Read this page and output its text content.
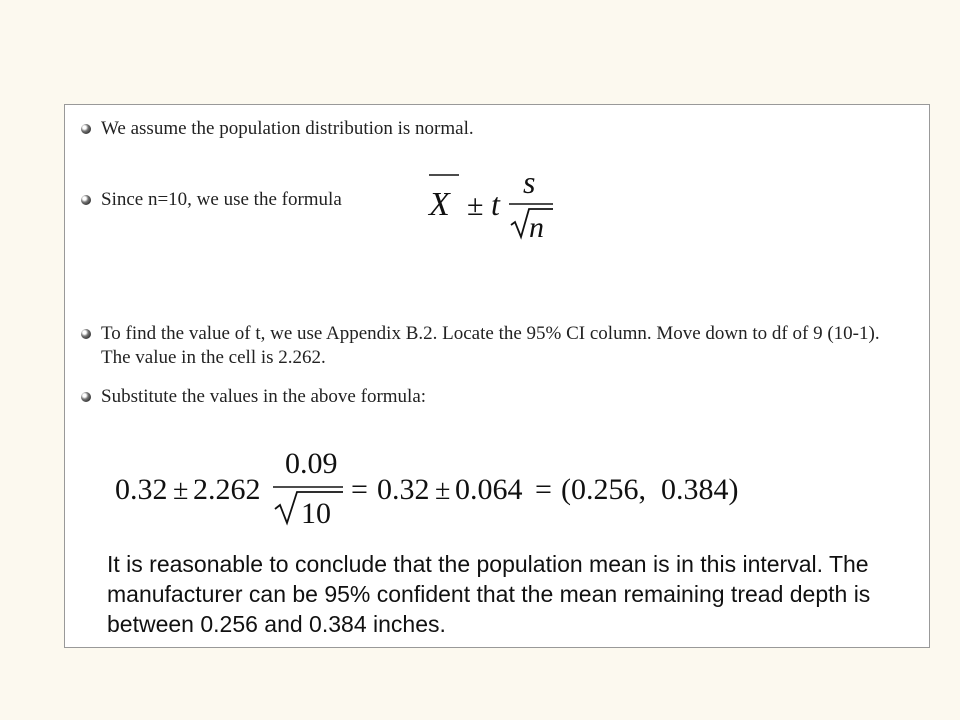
We assume the population distribution is normal.
Since n=10, we use the formula	X ± t
s
n
To find the value of t, we use Appendix B.2. Locate the 95% CI column. Move down to df of 9 (10-1). The value in the cell is 2.262.
Substitute the values in the above formula:
0.32 ± 2.262
0.09
10
= 0.32 ± 0.064 = (0.256,  0.384)
It is reasonable to conclude that the population mean is in this interval. The manufacturer can be 95% confident that the mean remaining tread depth is between 0.256 and 0.384 inches.
